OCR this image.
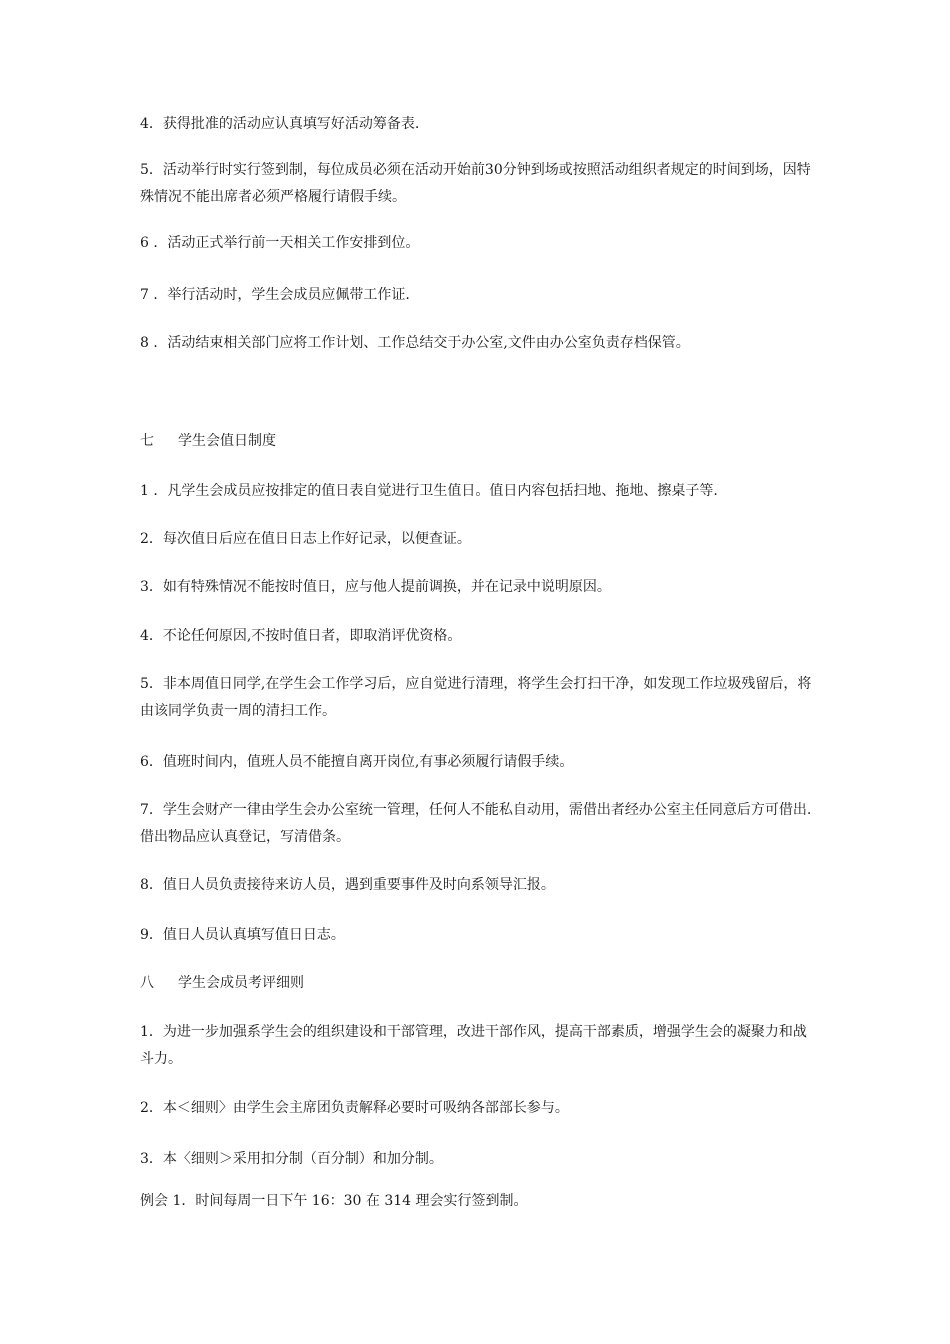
4．获得批准的活动应认真填写好活动筹备表.

5．活动举行时实行签到制，每位成员必须在活动开始前30分钟到场或按照活动组织者规定的时间到场，因特殊情况不能出席者必须严格履行请假手续。

6 ．活动正式举行前一天相关工作安排到位。

7 ．举行活动时，学生会成员应佩带工作证.

8 ．活动结束相关部门应将工作计划、工作总结交于办公室,文件由办公室负责存档保管。

七 学生会值日制度

1 ．凡学生会成员应按排定的值日表自觉进行卫生值日。值日内容包括扫地、拖地、擦桌子等.

2．每次值日后应在值日日志上作好记录，以便查证。

3．如有特殊情况不能按时值日，应与他人提前调换，并在记录中说明原因。

4．不论任何原因,不按时值日者，即取消评优资格。

5．非本周值日同学,在学生会工作学习后，应自觉进行清理，将学生会打扫干净，如发现工作垃圾残留后，将由该同学负责一周的清扫工作。

6．值班时间内，值班人员不能擅自离开岗位,有事必须履行请假手续。

7．学生会财产一律由学生会办公室统一管理，任何人不能私自动用，需借出者经办公室主任同意后方可借出.借出物品应认真登记，写清借条。

8．值日人员负责接待来访人员，遇到重要事件及时向系领导汇报。

9．值日人员认真填写值日日志。

八 学生会成员考评细则

1．为进一步加强系学生会的组织建设和干部管理，改进干部作风，提高干部素质，增强学生会的凝聚力和战斗力。

2．本＜细则〉由学生会主席团负责解释必要时可吸纳各部部长参与。

3．本〈细则＞采用扣分制（百分制）和加分制。

例会 1．时间每周一日下午 16：30 在 314 理会实行签到制。
